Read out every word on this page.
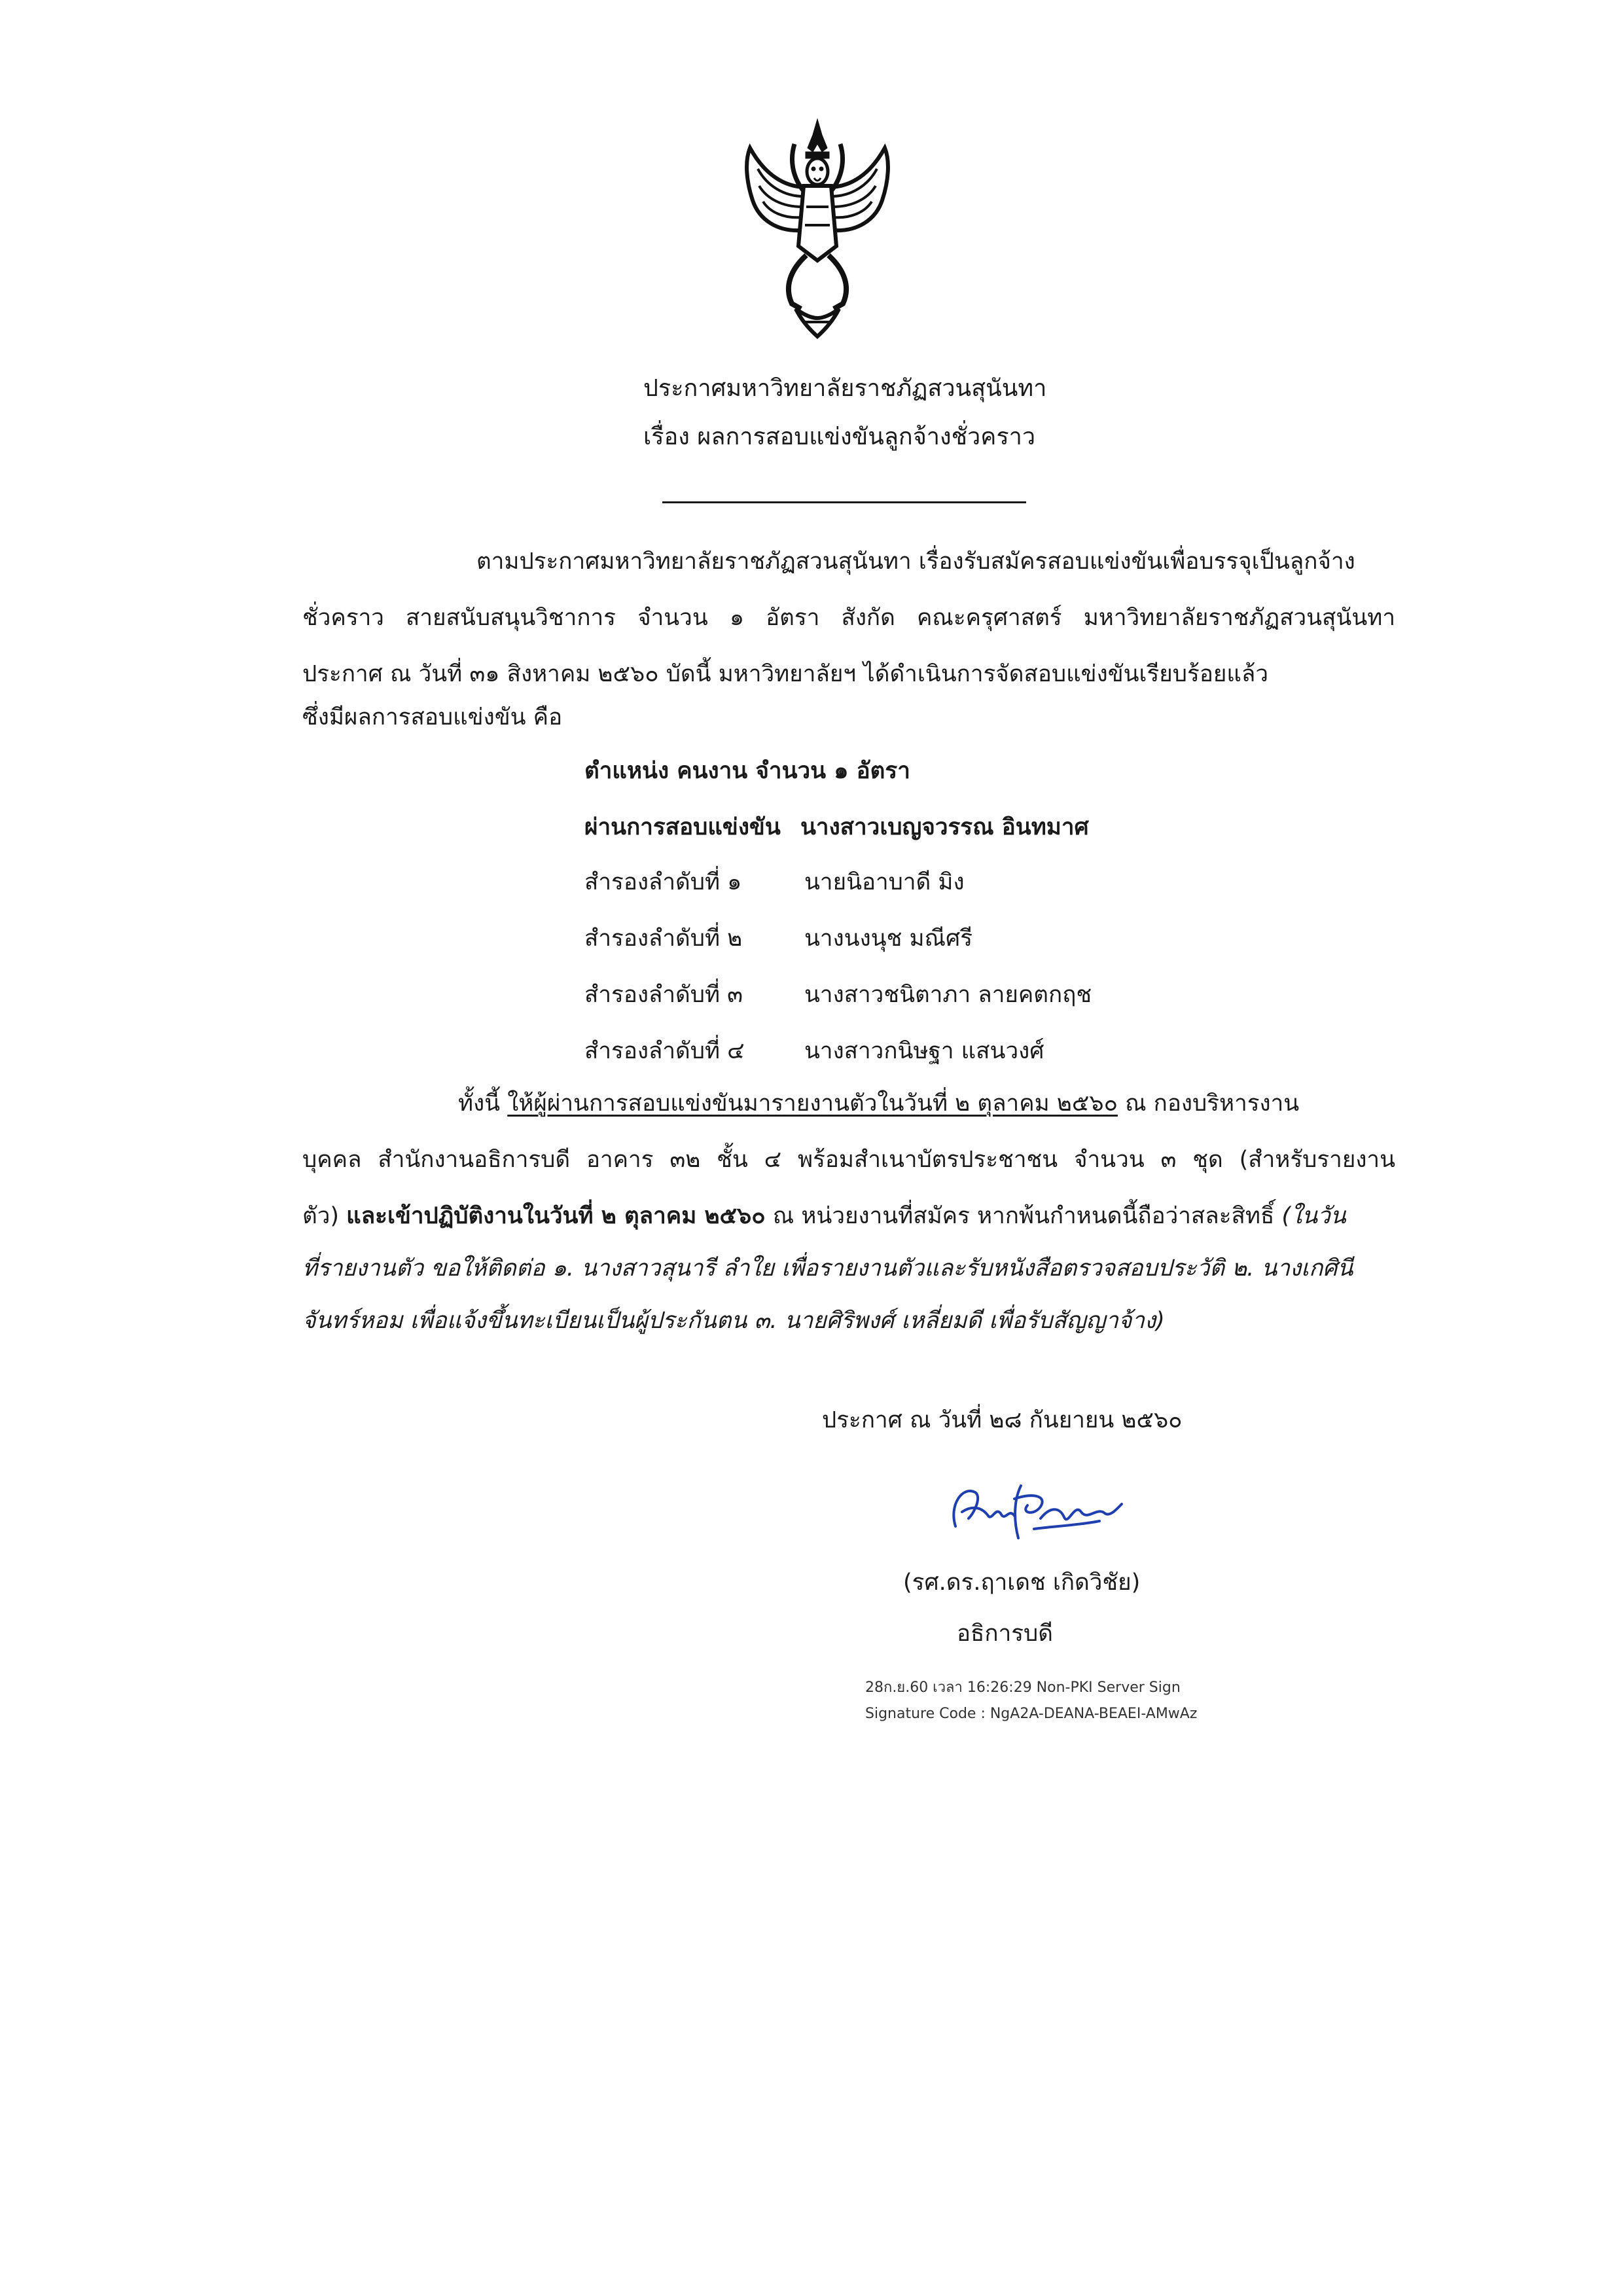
ประกาศมหาวิทยาลัยราชภัฏสวนสุนันทา
เรื่อง ผลการสอบแข่งขันลูกจ้างชั่วคราว
ตามประกาศมหาวิทยาลัยราชภัฏสวนสุนันทา เรื่องรับสมัครสอบแข่งขันเพื่อบรรจุเป็นลูกจ้าง
ชั่วคราว สายสนับสนุนวิชาการ จำนวน ๑ อัตรา สังกัด คณะครุศาสตร์ มหาวิทยาลัยราชภัฏสวนสุนันทา
ประกาศ ณ วันที่ ๓๑ สิงหาคม ๒๕๖๐ บัดนี้ มหาวิทยาลัยฯ ได้ดำเนินการจัดสอบแข่งขันเรียบร้อยแล้ว
ซึ่งมีผลการสอบแข่งขัน คือ
ตำแหน่ง คนงาน จำนวน ๑ อัตรา
ผ่านการสอบแข่งขัน นางสาวเบญจวรรณ อินทมาศ
สำรองลำดับที่ ๑	นายนิอาบาดี มิง
สำรองลำดับที่ ๒	นางนงนุช มณีศรี
สำรองลำดับที่ ๓	นางสาวชนิตาภา ลายคตกฤช
สำรองลำดับที่ ๔	นางสาวกนิษฐา แสนวงศ์
ทั้งนี้ ให้ผู้ผ่านการสอบแข่งขันมารายงานตัวในวันที่ ๒ ตุลาคม ๒๕๖๐ ณ กองบริหารงาน
บุคคล สำนักงานอธิการบดี อาคาร ๓๒ ชั้น ๔ พร้อมสำเนาบัตรประชาชน จำนวน ๓ ชุด (สำหรับรายงาน
ตัว) และเข้าปฏิบัติงานในวันที่ ๒ ตุลาคม ๒๕๖๐ ณ หน่วยงานที่สมัคร หากพ้นกำหนดนี้ถือว่าสละสิทธิ์ (ในวัน
ที่รายงานตัว ขอให้ติดต่อ ๑. นางสาวสุนารี ลำใย เพื่อรายงานตัวและรับหนังสือตรวจสอบประวัติ ๒. นางเกศินี
จันทร์หอม เพื่อแจ้งขึ้นทะเบียนเป็นผู้ประกันตน ๓. นายศิริพงศ์ เหลี่ยมดี เพื่อรับสัญญาจ้าง)
ประกาศ ณ วันที่ ๒๘ กันยายน ๒๕๖๐
(รศ.ดร.ฤาเดช เกิดวิชัย)
อธิการบดี
28ก.ย.60 เวลา 16:26:29 Non-PKI Server Sign
Signature Code : NgA2A-DEANA-BEAEI-AMwAz
